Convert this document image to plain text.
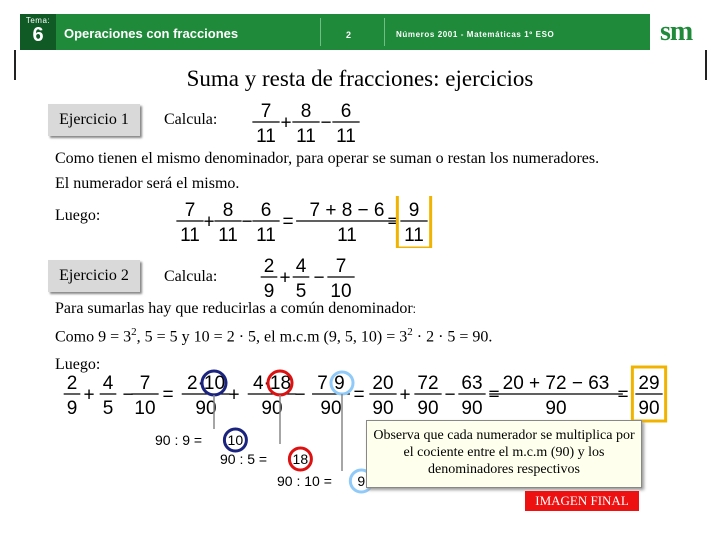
Tema:
6	Operaciones con fracciones	2	Números 2001 - Matemáticas 1º ESO	sm
Suma y resta de fracciones: ejercicios
Ejercicio 1	Calcula: 7
11
+
8
11
−
6
11
Como tienen el mismo denominador, para operar se suman o restan los numeradores.
El numerador será el mismo.
Luego:	7
11
+
8
11
−
6
11
=
7 + 8 − 6
11
=
9
11
Ejercicio 2	Calcula: 2
9
+
4
5
−
7
10
Para sumarlas hay que reducirlas a común denominador:
Como $9 = 3^2$, 5 = 5 y 10 = 2 · 5, el m.c.m (9, 5, $10) = 3^2 \cdot 2 \cdot 5 = 90$.
Luego:
2
9
+
4
5
−
7
10
=
2·10
90
+
4·18
90
−
7·9
90
=
20
90
+
72
90
−
63
90
=
20 + 72 − 63
90
=
29
90
90 : 9 = 10
90 : 5 = 18
90 : 10 = 9
Observa que cada numerador se multiplica por el cociente entre el m.c.m (90) y los denominadores respectivos
IMAGEN FINAL
